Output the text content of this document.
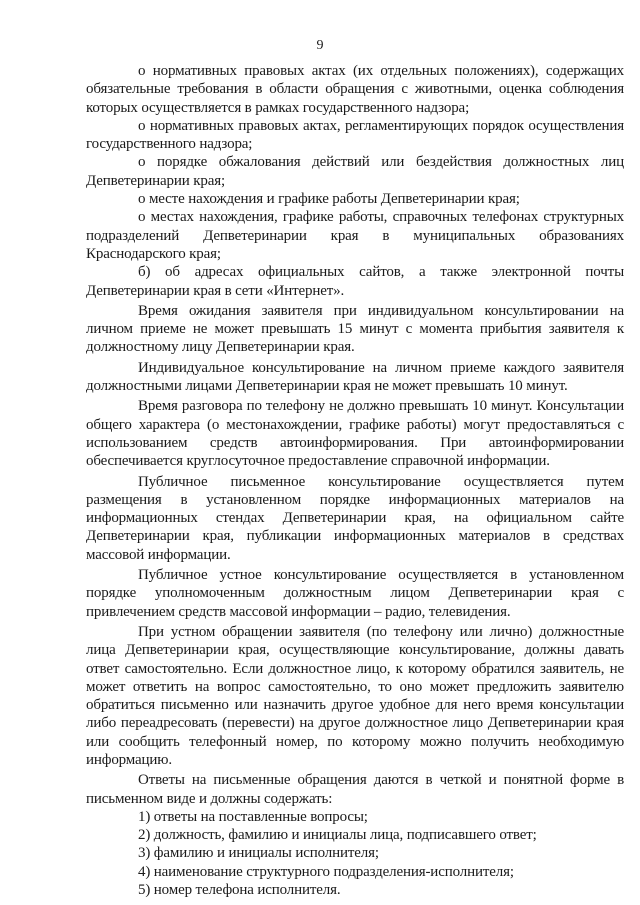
9

о нормативных правовых актах (их отдельных положениях), содержащих обязательные требования в области обращения с животными, оценка соблюдения которых осуществляется в рамках государственного надзора;

о нормативных правовых актах, регламентирующих порядок осуществления государственного надзора;

о порядке обжалования действий или бездействия должностных лиц Депветеринарии края;

о месте нахождения и графике работы Депветеринарии края;

о местах нахождения, графике работы, справочных телефонах структурных подразделений Депветеринарии края в муниципальных образованиях Краснодарского края;

б) об адресах официальных сайтов, а также электронной почты Депветеринарии края в сети «Интернет».

Время ожидания заявителя при индивидуальном консультировании на личном приеме не может превышать 15 минут с момента прибытия заявителя к должностному лицу Депветеринарии края.

Индивидуальное консультирование на личном приеме каждого заявителя должностными лицами Депветеринарии края не может превышать 10 минут.

Время разговора по телефону не должно превышать 10 минут. Консультации общего характера (о местонахождении, графике работы) могут предоставляться с использованием средств автоинформирования. При автоинформировании обеспечивается круглосуточное предоставление справочной информации.

Публичное письменное консультирование осуществляется путем размещения в установленном порядке информационных материалов на информационных стендах Депветеринарии края, на официальном сайте Депветеринарии края, публикации информационных материалов в средствах массовой информации.

Публичное устное консультирование осуществляется в установленном порядке уполномоченным должностным лицом Депветеринарии края с привлечением средств массовой информации – радио, телевидения.

При устном обращении заявителя (по телефону или лично) должностные лица Депветеринарии края, осуществляющие консультирование, должны давать ответ самостоятельно. Если должностное лицо, к которому обратился заявитель, не может ответить на вопрос самостоятельно, то оно может предложить заявителю обратиться письменно или назначить другое удобное для него время консультации либо переадресовать (перевести) на другое должностное лицо Депветеринарии края или сообщить телефонный номер, по которому можно получить необходимую информацию.

Ответы на письменные обращения даются в четкой и понятной форме в письменном виде и должны содержать:

1) ответы на поставленные вопросы;

2) должность, фамилию и инициалы лица, подписавшего ответ;

3) фамилию и инициалы исполнителя;

4) наименование структурного подразделения-исполнителя;

5) номер телефона исполнителя.
